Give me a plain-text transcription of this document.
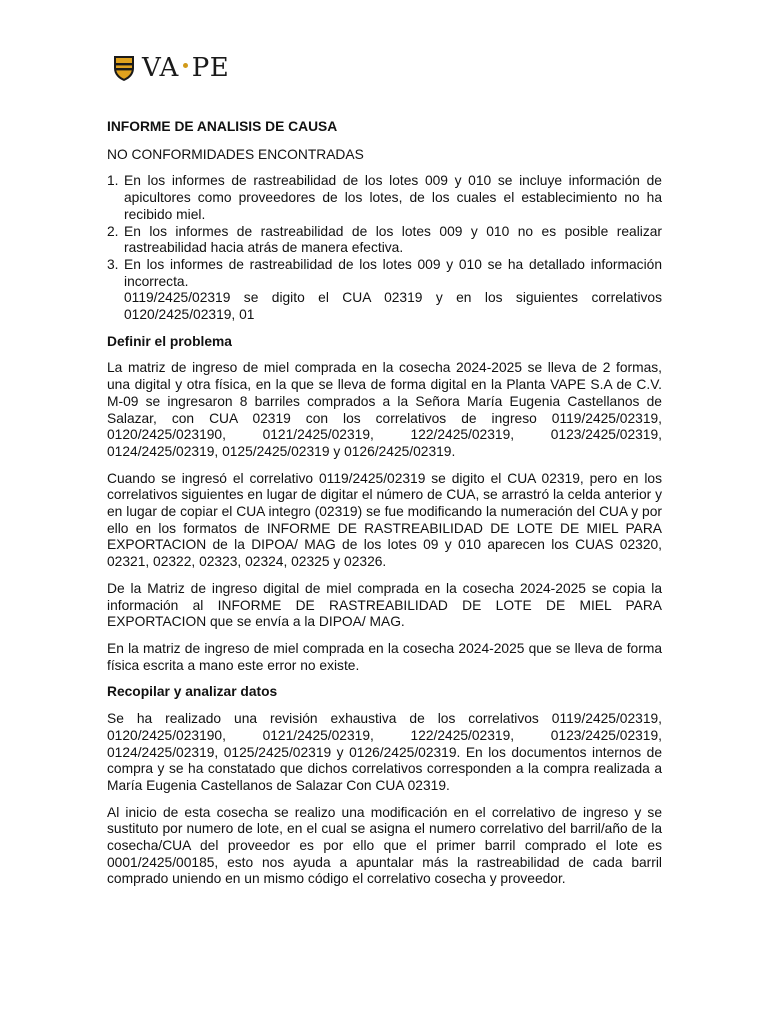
VA PE

INFORME DE ANALISIS DE CAUSA

NO CONFORMIDADES ENCONTRADAS

1. En los informes de rastreabilidad de los lotes 009 y 010 se incluye información de apicultores como proveedores de los lotes, de los cuales el establecimiento no ha recibido miel.
2. En los informes de rastreabilidad de los lotes 009 y 010 no es posible realizar rastreabilidad hacia atrás de manera efectiva.
3. En los informes de rastreabilidad de los lotes 009 y 010 se ha detallado información incorrecta.
0119/2425/02319 se digito el CUA 02319 y en los siguientes correlativos 0120/2425/02319, 01

Definir el problema

La matriz de ingreso de miel comprada en la cosecha 2024-2025 se lleva de 2 formas, una digital y otra física, en la que se lleva de forma digital en la Planta VAPE S.A de C.V. M-09 se ingresaron 8 barriles comprados a la Señora María Eugenia Castellanos de Salazar, con CUA 02319 con los correlativos de ingreso 0119/2425/02319, 0120/2425/023190, 0121/2425/02319, 122/2425/02319, 0123/2425/02319, 0124/2425/02319, 0125/2425/02319 y 0126/2425/02319.

Cuando se ingresó el correlativo 0119/2425/02319 se digito el CUA 02319, pero en los correlativos siguientes en lugar de digitar el número de CUA, se arrastró la celda anterior y en lugar de copiar el CUA integro (02319) se fue modificando la numeración del CUA y por ello en los formatos de INFORME DE RASTREABILIDAD DE LOTE DE MIEL PARA EXPORTACION de la DIPOA/ MAG de los lotes 09 y 010 aparecen los CUAS 02320, 02321, 02322, 02323, 02324, 02325 y 02326.

De la Matriz de ingreso digital de miel comprada en la cosecha 2024-2025 se copia la información al INFORME DE RASTREABILIDAD DE LOTE DE MIEL PARA EXPORTACION que se envía a la DIPOA/ MAG.

En la matriz de ingreso de miel comprada en la cosecha 2024-2025 que se lleva de forma física escrita a mano este error no existe.

Recopilar y analizar datos

Se ha realizado una revisión exhaustiva de los correlativos 0119/2425/02319, 0120/2425/023190, 0121/2425/02319, 122/2425/02319, 0123/2425/02319, 0124/2425/02319, 0125/2425/02319 y 0126/2425/02319. En los documentos internos de compra y se ha constatado que dichos correlativos corresponden a la compra realizada a María Eugenia Castellanos de Salazar Con CUA 02319.

Al inicio de esta cosecha se realizo una modificación en el correlativo de ingreso y se sustituto por numero de lote, en el cual se asigna el numero correlativo del barril/año de la cosecha/CUA del proveedor es por ello que el primer barril comprado el lote es 0001/2425/00185, esto nos ayuda a apuntalar más la rastreabilidad de cada barril comprado uniendo en un mismo código el correlativo cosecha y proveedor.
